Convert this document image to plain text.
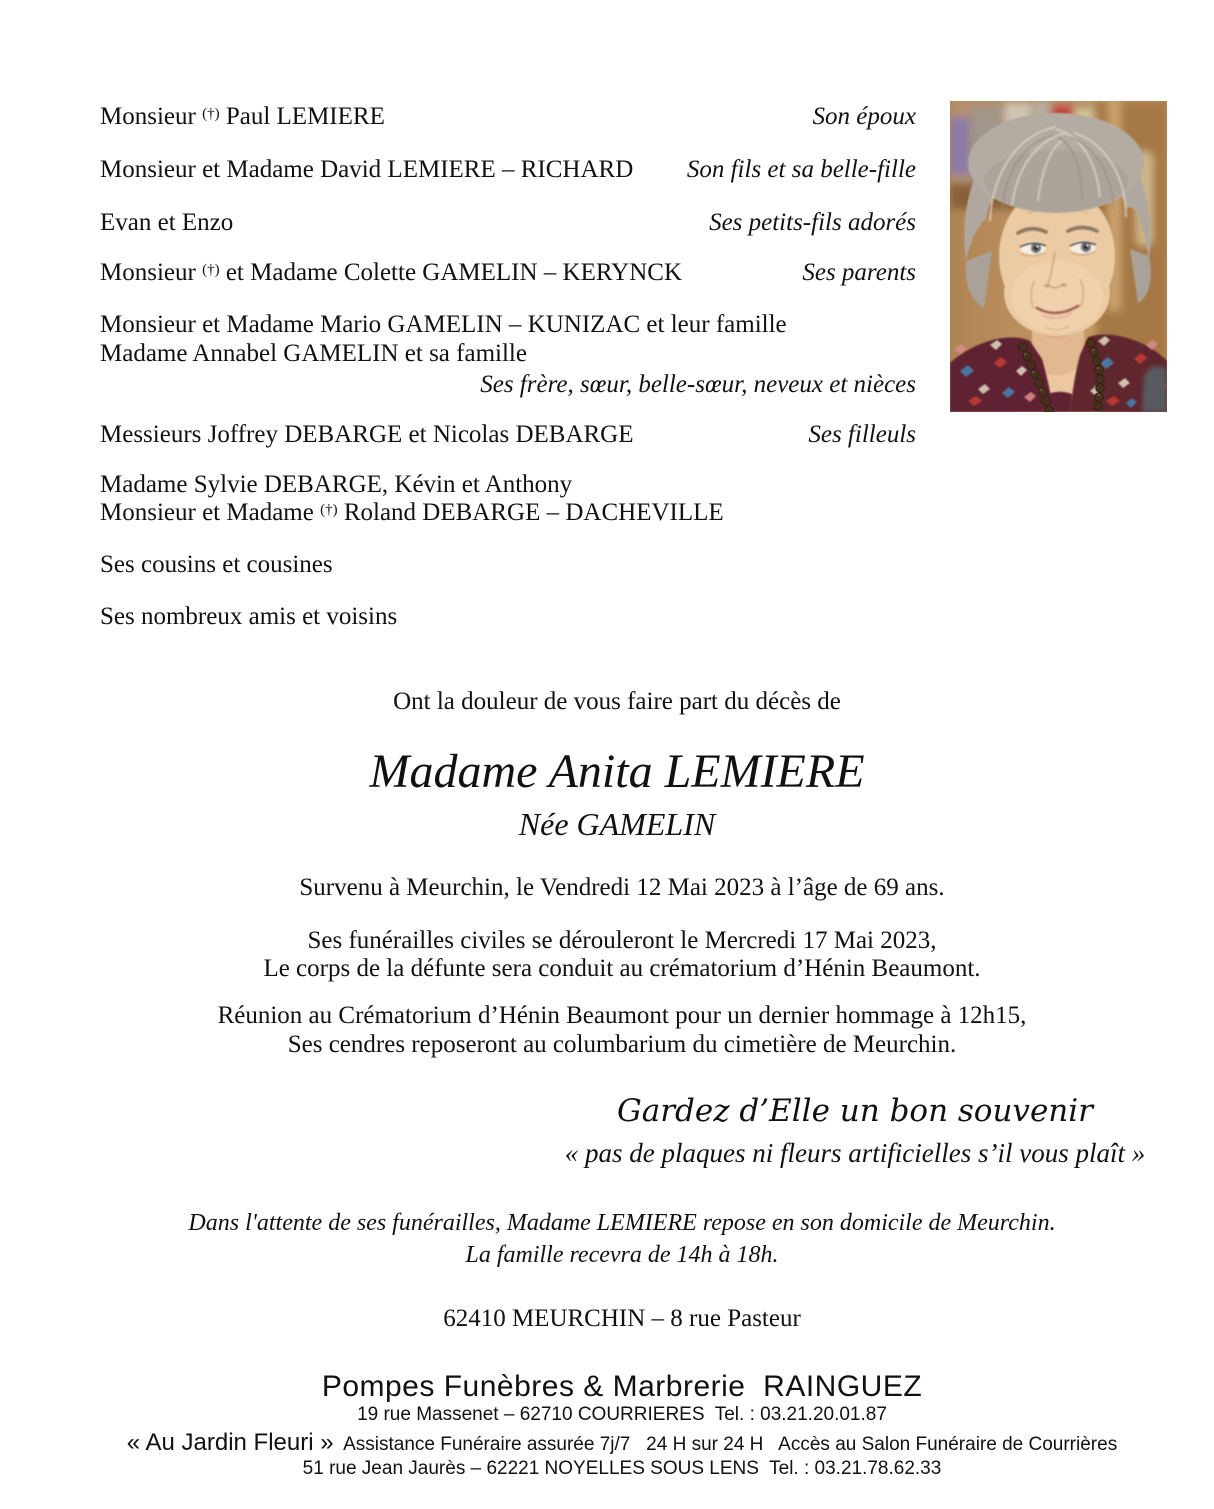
Monsieur (†) Paul LEMIERE	Son époux
Monsieur et Madame David LEMIERE – RICHARD Son fils et sa belle-fille
Evan et Enzo	Ses petits-fils adorés
Monsieur (†) et Madame Colette GAMELIN – KERYNCK	Ses parents
Monsieur et Madame Mario GAMELIN – KUNIZAC et leur famille
Madame Annabel GAMELIN et sa famille
Ses frère, sœur, belle-sœur, neveux et nièces
Messieurs Joffrey DEBARGE et Nicolas DEBARGE	Ses filleuls
Madame Sylvie DEBARGE, Kévin et Anthony
Monsieur et Madame (†) Roland DEBARGE – DACHEVILLE
Ses cousins et cousines
Ses nombreux amis et voisins
Ont la douleur de vous faire part du décès de
Madame Anita LEMIERE
Née GAMELIN
Survenu à Meurchin, le Vendredi 12 Mai 2023 à l’âge de 69 ans.
Ses funérailles civiles se dérouleront le Mercredi 17 Mai 2023,
Le corps de la défunte sera conduit au crématorium d’Hénin Beaumont.
Réunion au Crématorium d’Hénin Beaumont pour un dernier hommage à 12h15,
Ses cendres reposeront au columbarium du cimetière de Meurchin.
Gardez d’Elle un bon souvenir
« pas de plaques ni fleurs artificielles s’il vous plaît »
Dans l'attente de ses funérailles, Madame LEMIERE repose en son domicile de Meurchin.
La famille recevra de 14h à 18h.
62410 MEURCHIN – 8 rue Pasteur
Pompes Funèbres & Marbrerie  RAINGUEZ
19 rue Massenet – 62710 COURRIERES  Tel. : 03.21.20.01.87
« Au Jardin Fleuri »  Assistance Funéraire assurée 7j/7   24 H sur 24 H   Accès au Salon Funéraire de Courrières
51 rue Jean Jaurès – 62221 NOYELLES SOUS LENS  Tel. : 03.21.78.62.33
